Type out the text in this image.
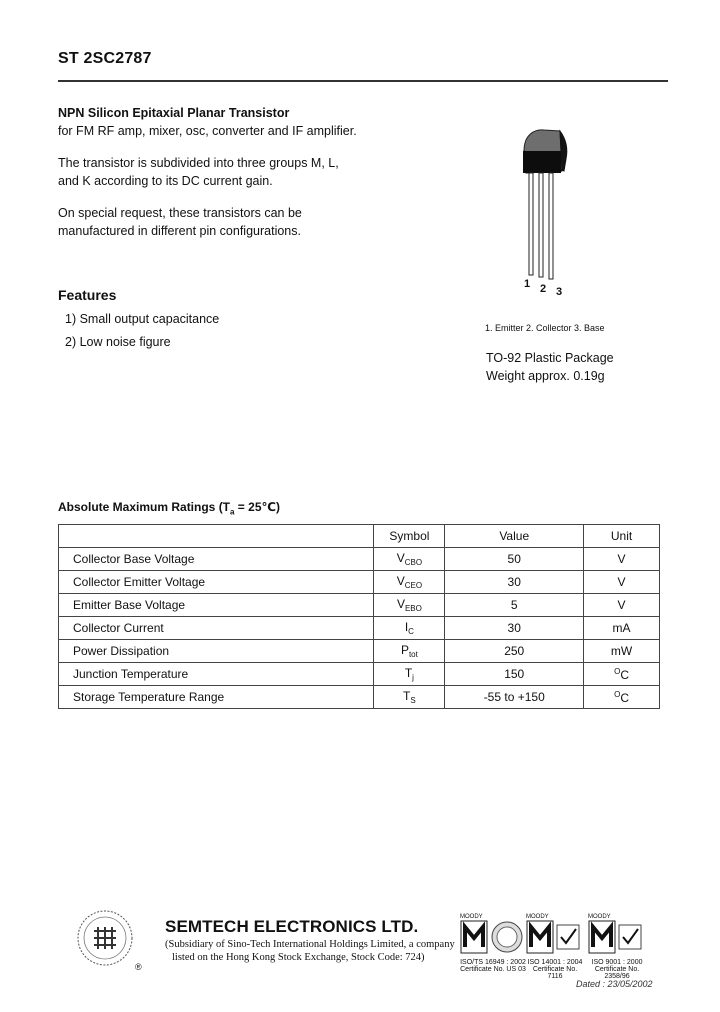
ST 2SC2787
NPN Silicon Epitaxial Planar Transistor
for FM RF amp, mixer, osc, converter and IF amplifier.
The transistor is subdivided into three groups M, L,
and K according to its DC current gain.
On special request, these transistors can be
manufactured in different pin configurations.
Features
1) Small output capacitance
2) Low noise figure
1 2 3
1. Emitter 2. Collector 3. Base
TO-92 Plastic Package
Weight approx. 0.19g
Absolute Maximum Ratings ($T_a$ = 25℃)
	Symbol	Value	Unit
Collector Base Voltage	$V_{CBO}$	50	V
Collector Emitter Voltage	$V_{CEO}$	30	V
Emitter Base Voltage	$V_{EBO}$	5	V
Collector Current	$I_C$	30	mA
Power Dissipation	$P_{tot}$	250	mW
Junction Temperature	$T_j$	150	$^O$C
Storage Temperature Range	$T_S$	-55 to +150	$^O$C
®
SEMTECH ELECTRONICS LTD.
(Subsidiary of Sino-Tech International Holdings Limited, a company
listed on the Hong Kong Stock Exchange, Stock Code: 724)
MOODY
ISO/TS 16949 : 2002
Certificate No. US 03
MOODY
ISO 14001 : 2004
Certificate No. 7116
MOODY
ISO 9001 : 2000
Certificate No. 2358/96
Dated : 23/05/2002
